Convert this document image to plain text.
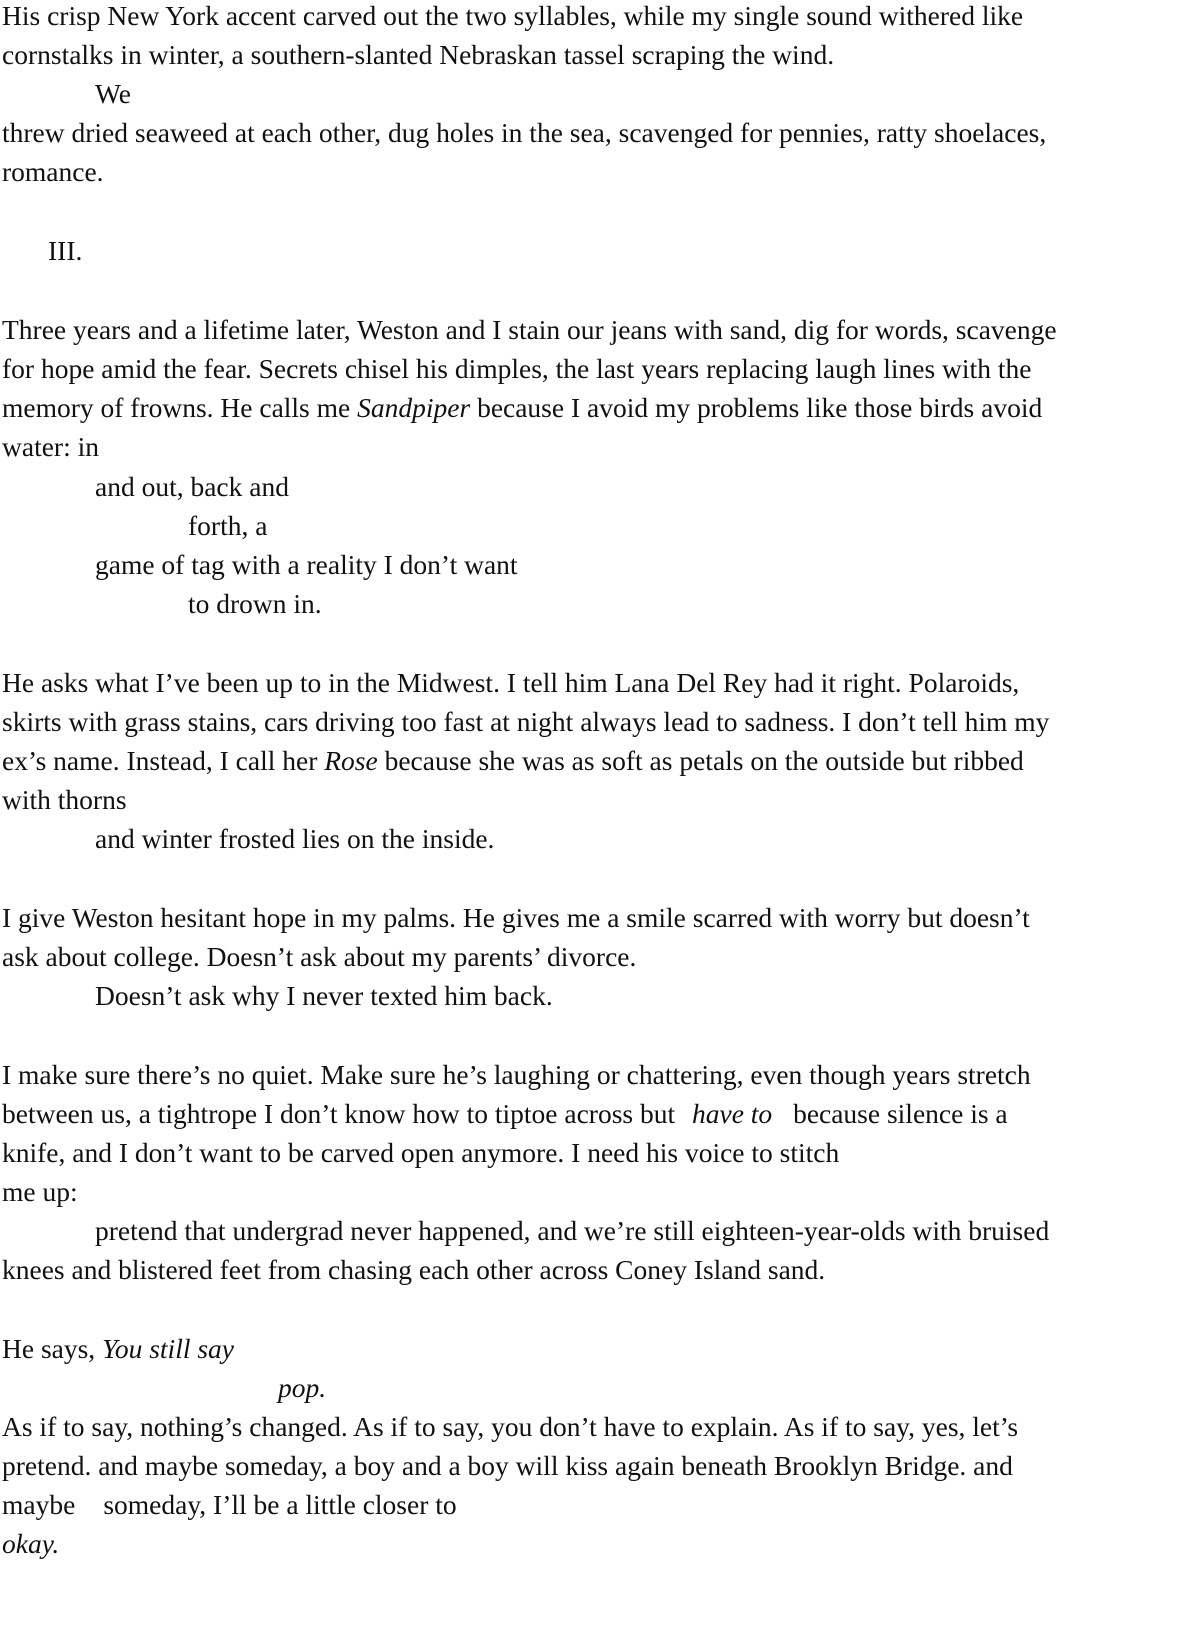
His crisp New York accent carved out the two syllables, while my single sound withered like
cornstalks in winter, a southern-slanted Nebraskan tassel scraping the wind.
We
threw dried seaweed at each other, dug holes in the sea, scavenged for pennies, ratty shoelaces,
romance.
III.
Three years and a lifetime later, Weston and I stain our jeans with sand, dig for words, scavenge
for hope amid the fear. Secrets chisel his dimples, the last years replacing laugh lines with the
memory of frowns. He calls me Sandpiper because I avoid my problems like those birds avoid
water: in
and out, back and
forth, a
game of tag with a reality I don’t want
to drown in.
He asks what I’ve been up to in the Midwest. I tell him Lana Del Rey had it right. Polaroids,
skirts with grass stains, cars driving too fast at night always lead to sadness. I don’t tell him my
ex’s name. Instead, I call her Rose because she was as soft as petals on the outside but ribbed
with thorns
and winter frosted lies on the inside.
I give Weston hesitant hope in my palms. He gives me a smile scarred with worry but doesn’t
ask about college. Doesn’t ask about my parents’ divorce.
Doesn’t ask why I never texted him back.
I make sure there’s no quiet. Make sure he’s laughing or chattering, even though years stretch
between us, a tightrope I don’t know how to tiptoe across but have to because silence is a
knife, and I don’t want to be carved open anymore. I need his voice to stitch
me up:
pretend that undergrad never happened, and we’re still eighteen-year-olds with bruised
knees and blistered feet from chasing each other across Coney Island sand.
He says, You still say
pop.
As if to say, nothing’s changed. As if to say, you don’t have to explain. As if to say, yes, let’s
pretend. and maybe someday, a boy and a boy will kiss again beneath Brooklyn Bridge. and
maybe someday, I’ll be a little closer to
okay.
